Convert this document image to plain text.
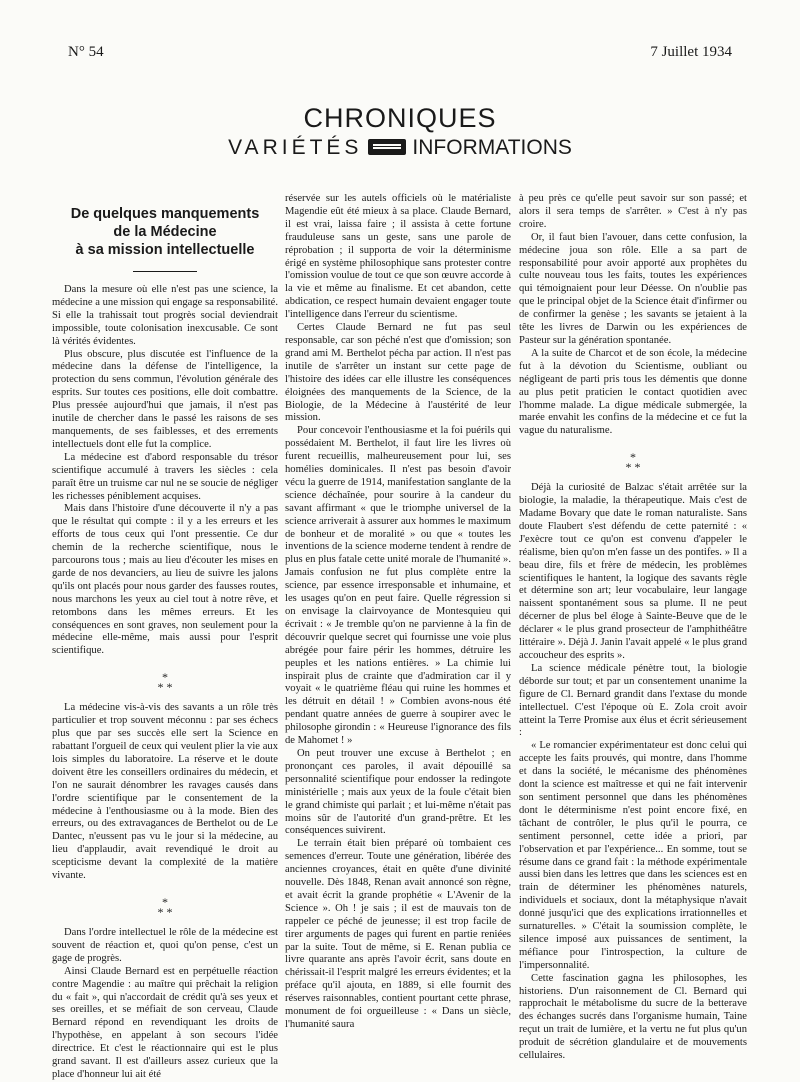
N° 54	7 Juillet 1934
CHRONIQUES
VARIÉTÉS INFORMATIONS
De quelques manquements
de la Médecine
à sa mission intellectuelle

Dans la mesure où elle n'est pas une science, la médecine a une mission qui engage sa responsabilité. Si elle la trahissait tout progrès social deviendrait impossible, toute colonisation inexcusable. Ce sont là vérités évidentes.

Plus obscure, plus discutée est l'influence de la médecine dans la défense de l'intelligence, la protection du sens commun, l'évolution générale des esprits. Sur toutes ces positions, elle doit combattre. Plus pressée aujourd'hui que jamais, il n'est pas inutile de chercher dans le passé les raisons de ses manquements, de ses faiblesses, et des errements intellectuels dont elle fut la complice.

La médecine est d'abord responsable du trésor scientifique accumulé à travers les siècles : cela paraît être un truisme car nul ne se soucie de négliger les richesses péniblement acquises.

Mais dans l'histoire d'une découverte il n'y a pas que le résultat qui compte : il y a les erreurs et les efforts de tous ceux qui l'ont pressentie. Ce dur chemin de la recherche scientifique, nous le parcourons tous ; mais au lieu d'écouter les mises en garde de nos devanciers, au lieu de suivre les jalons qu'ils ont placés pour nous garder des fausses routes, nous marchons les yeux au ciel tout à notre rêve, et retombons dans les mêmes erreurs. Et les conséquences en sont graves, non seulement pour la médecine elle-même, mais aussi pour l'esprit scientifique.

*
* *

La médecine vis-à-vis des savants a un rôle très particulier et trop souvent méconnu : par ses échecs plus que par ses succès elle sert la Science en rabattant l'orgueil de ceux qui veulent plier la vie aux lois simples du laboratoire. La réserve et le doute doivent être les conseillers ordinaires du médecin, et l'on ne saurait dénombrer les ravages causés dans l'ordre scientifique par le consentement de la médecine à l'enthousiasme ou à la mode. Bien des erreurs, ou des extravagances de Berthelot ou de Le Dantec, n'eussent pas vu le jour si la médecine, au lieu d'applaudir, avait revendiqué le droit au scepticisme devant la complexité de la matière vivante.

*
* *

Dans l'ordre intellectuel le rôle de la médecine est souvent de réaction et, quoi qu'on pense, c'est un gage de progrès.

Ainsi Claude Bernard est en perpétuelle réaction contre Magendie : au maître qui prêchait la religion du « fait », qui n'accordait de crédit qu'à ses yeux et ses oreilles, et se méfiait de son cerveau, Claude Bernard répond en revendiquant les droits de l'hypothèse, en appelant à son secours l'idée directrice. Et c'est le réactionnaire qui est le plus grand savant. Il est d'ailleurs assez curieux que la place d'honneur lui ait été

réservée sur les autels officiels où le matérialiste Magendie eût été mieux à sa place. Claude Bernard, il est vrai, laissa faire ; il assista à cette fortune frauduleuse sans un geste, sans une parole de réprobation ; il supporta de voir la déterminisme érigé en système philosophique sans protester contre l'omission voulue de tout ce que son œuvre accorde à la vie et même au finalisme. Et cet abandon, cette abdication, ce respect humain devaient engager toute l'intelligence dans l'erreur du scientisme.

Certes Claude Bernard ne fut pas seul responsable, car son péché n'est que d'omission; son grand ami M. Berthelot pécha par action. Il n'est pas inutile de s'arrêter un instant sur cette page de l'histoire des idées car elle illustre les conséquences éloignées des manquements de la Science, de la Biologie, de la Médecine à l'austérité de leur mission.

Pour concevoir l'enthousiasme et la foi puérils qui possédaient M. Berthelot, il faut lire les livres où furent recueillis, malheureusement pour lui, ses homélies dominicales. Il n'est pas besoin d'avoir vécu la guerre de 1914, manifestation sanglante de la science déchaînée, pour sourire à la candeur du savant affirmant « que le triomphe universel de la science arriverait à assurer aux hommes le maximum de bonheur et de moralité » ou que « toutes les inventions de la science moderne tendent à rendre de plus en plus fatale cette unité morale de l'humanité ». Jamais confusion ne fut plus complète entre la science, par essence irresponsable et inhumaine, et les usages qu'on en peut faire. Quelle régression si on envisage la clairvoyance de Montesquieu qui écrivait : « Je tremble qu'on ne parvienne à la fin de découvrir quelque secret qui fournisse une voie plus abrégée pour faire périr les hommes, détruire les peuples et les nations entières. » La chimie lui inspirait plus de crainte que d'admiration car il y voyait « le quatrième fléau qui ruine les hommes et les détruit en détail ! » Combien avons-nous été pendant quatre années de guerre à soupirer avec le philosophe girondin : « Heureuse l'ignorance des fils de Mahomet ! »

On peut trouver une excuse à Berthelot ; en prononçant ces paroles, il avait dépouillé sa personnalité scientifique pour endosser la redingote ministérielle ; mais aux yeux de la foule c'était bien le grand chimiste qui parlait ; et lui-même n'était pas moins sûr de l'autorité d'un grand-prêtre. Et les conséquences suivirent.

Le terrain était bien préparé où tombaient ces semences d'erreur. Toute une génération, libérée des anciennes croyances, était en quête d'une divinité nouvelle. Dès 1848, Renan avait annoncé son règne, et avait écrit la grande prophétie « L'Avenir de la Science ». Oh ! je sais ; il est de mauvais ton de rappeler ce péché de jeunesse; il est trop facile de tirer arguments de pages qui furent en partie reniées par la suite. Tout de même, si E. Renan publia ce livre quarante ans après l'avoir écrit, sans doute en chérissait-il l'esprit malgré les erreurs évidentes; et la préface qu'il ajouta, en 1889, si elle fournit des réserves raisonnables, contient pourtant cette phrase, monument de foi orgueilleuse : « Dans un siècle, l'humanité saura

à peu près ce qu'elle peut savoir sur son passé; et alors il sera temps de s'arrêter. » C'est à n'y pas croire.

Or, il faut bien l'avouer, dans cette confusion, la médecine joua son rôle. Elle a sa part de responsabilité pour avoir apporté aux prophètes du culte nouveau tous les faits, toutes les expériences qui témoignaient pour leur Déesse. On n'oublie pas que le principal objet de la Science était d'infirmer ou de confirmer la genèse ; les savants se jetaient à la tête les livres de Darwin ou les expériences de Pasteur sur la génération spontanée.

A la suite de Charcot et de son école, la médecine fut à la dévotion du Scientisme, oubliant ou négligeant de parti pris tous les démentis que donne au plus petit praticien le contact quotidien avec l'homme malade. La digue médicale submergée, la marée envahit les confins de la médecine et ce fut la vague du naturalisme.

*
* *

Déjà la curiosité de Balzac s'était arrêtée sur la biologie, la maladie, la thérapeutique. Mais c'est de Madame Bovary que date le roman naturaliste. Sans doute Flaubert s'est défendu de cette paternité : « J'exècre tout ce qu'on est convenu d'appeler le réalisme, bien qu'on m'en fasse un des pontifes. » Il a beau dire, fils et frère de médecin, les problèmes scientifiques le hantent, la logique des savants règle et détermine son art; leur vocabulaire, leur langage naissent spontanément sous sa plume. Il ne peut décerner de plus bel éloge à Sainte-Beuve que de le déclarer « le plus grand prosecteur de l'amphithéâtre littéraire ». Déjà J. Janin l'avait appelé « le plus grand accoucheur des esprits ».

La science médicale pénètre tout, la biologie déborde sur tout; et par un consentement unanime la figure de Cl. Bernard grandit dans l'extase du monde intellectuel. C'est l'époque où E. Zola croit avoir atteint la Terre Promise aux élus et écrit sérieusement :

« Le romancier expérimentateur est donc celui qui accepte les faits prouvés, qui montre, dans l'homme et dans la société, le mécanisme des phénomènes dont la science est maîtresse et qui ne fait intervenir son sentiment personnel que dans les phénomènes dont le déterminisme n'est point encore fixé, en tâchant de contrôler, le plus qu'il le pourra, ce sentiment personnel, cette idée a priori, par l'observation et par l'expérience... En somme, tout se résume dans ce grand fait : la méthode expérimentale aussi bien dans les lettres que dans les sciences est en train de déterminer les phénomènes naturels, individuels et sociaux, dont la métaphysique n'avait donné jusqu'ici que des explications irrationnelles et surnaturelles. » C'était la soumission complète, le silence imposé aux puissances de sentiment, la méfiance pour l'introspection, la culture de l'impersonnalité.

Cette fascination gagna les philosophes, les historiens. D'un raisonnement de Cl. Bernard qui rapprochait le métabolisme du sucre de la betterave des échanges sucrés dans l'organisme humain, Taine reçut un trait de lumière, et la vertu ne fut plus qu'un produit de sécrétion glandulaire et de mouvements cellulaires.
